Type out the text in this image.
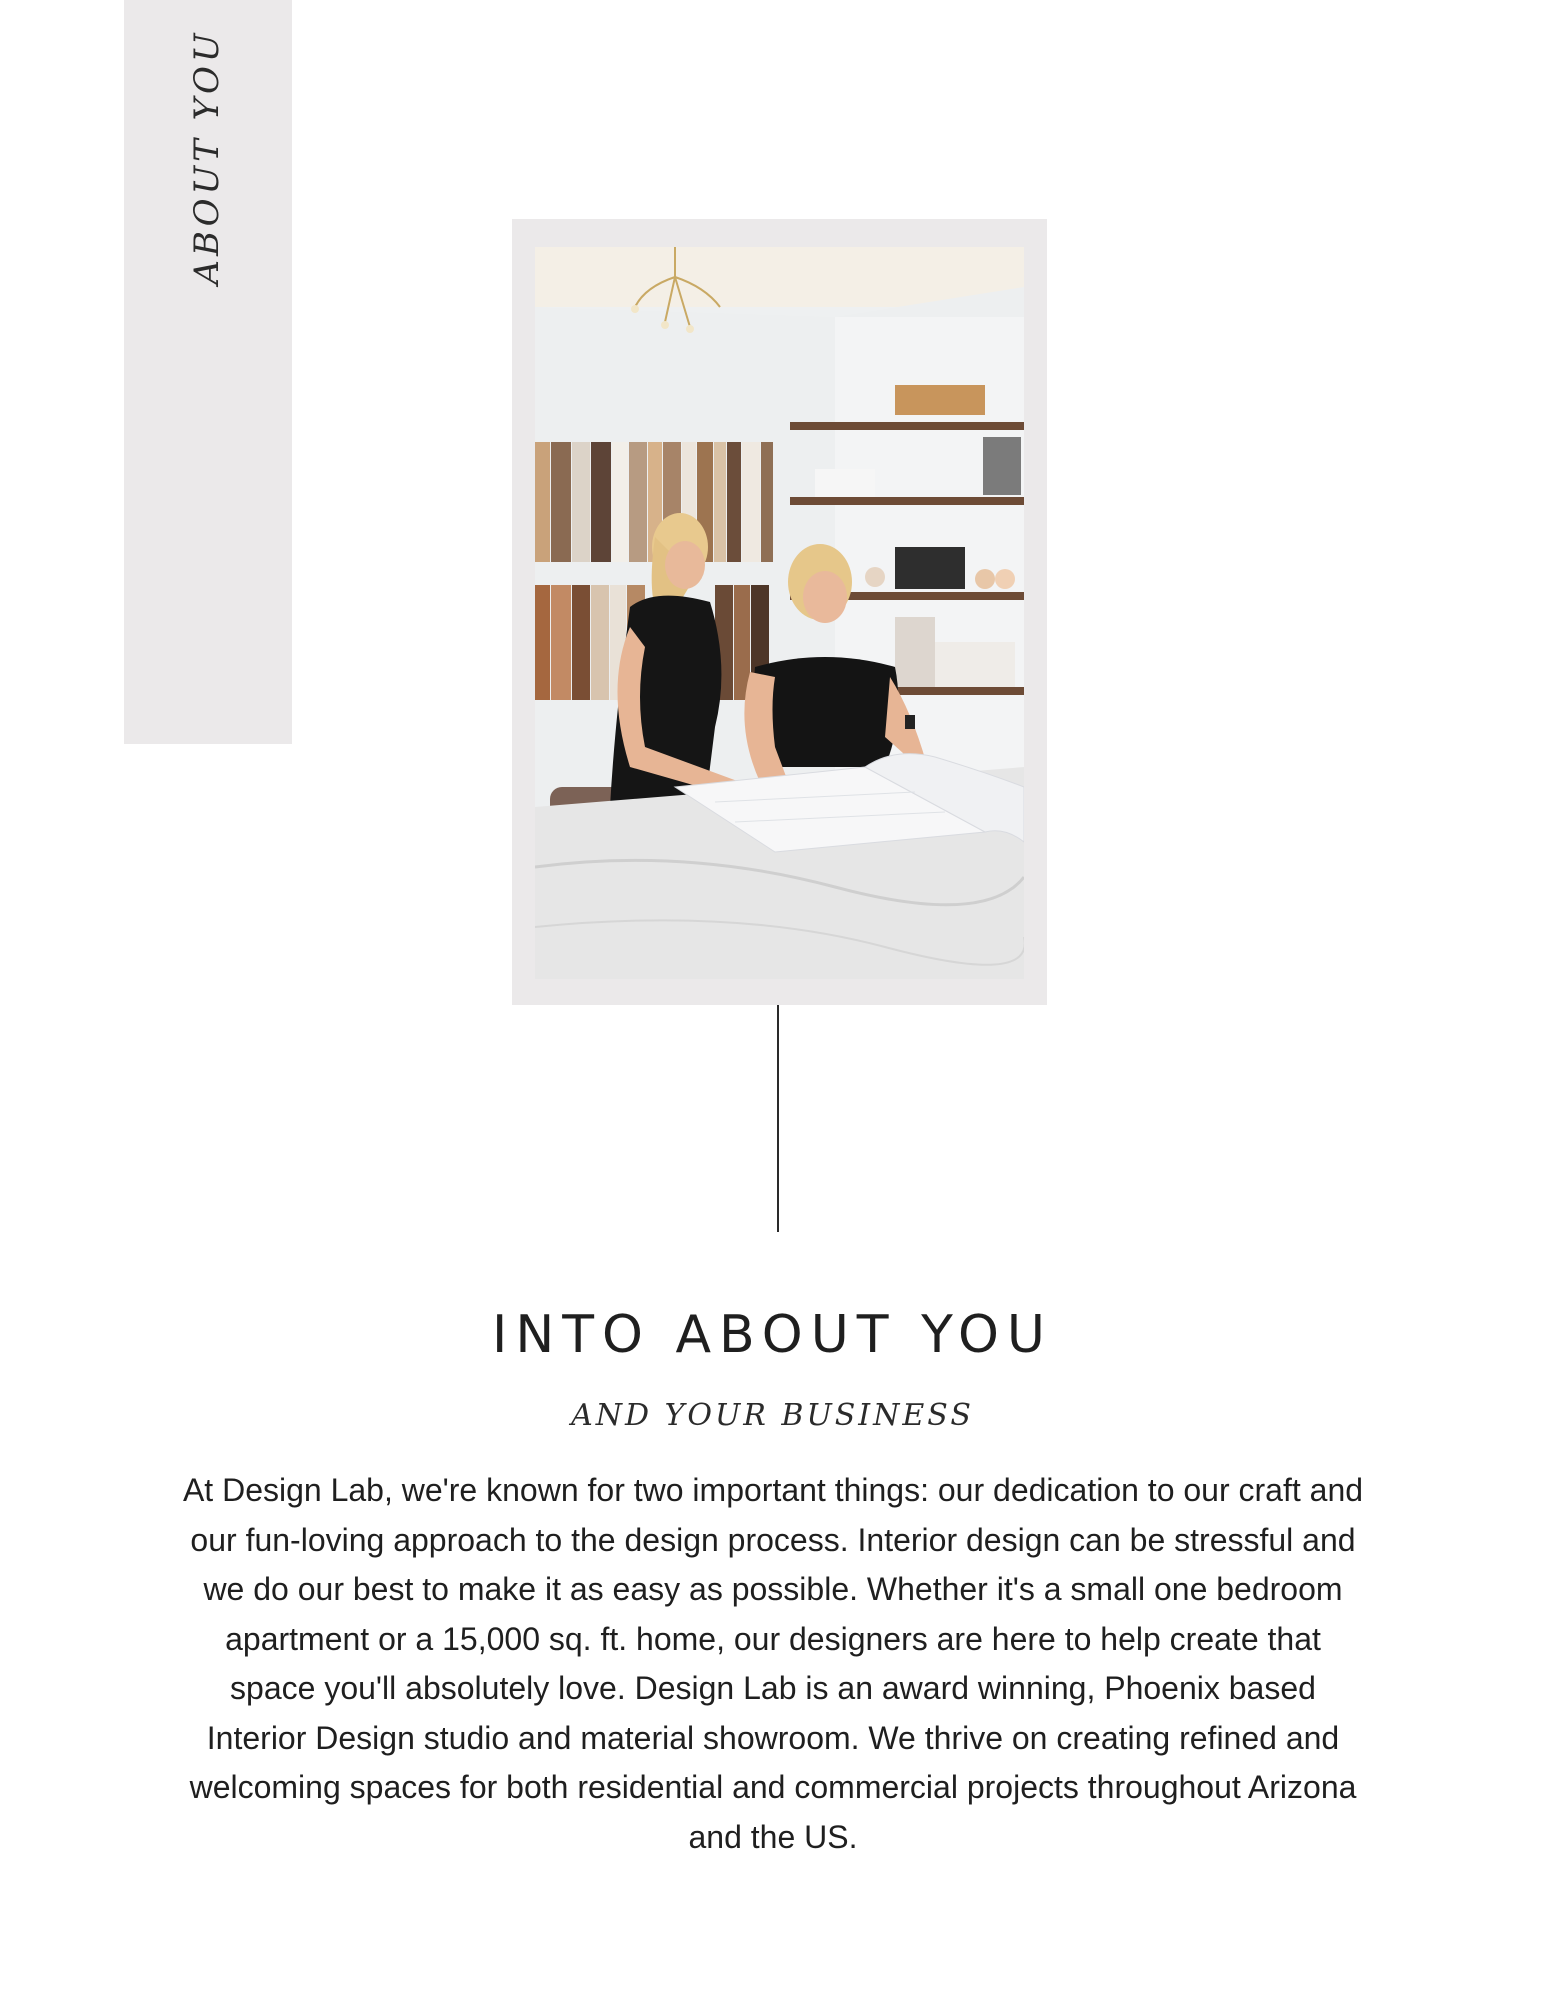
ABOUT YOU
INTO ABOUT YOU
AND YOUR BUSINESS

At Design Lab, we're known for two important things: our dedication to our craft and our fun-loving approach to the design process. Interior design can be stressful and we do our best to make it as easy as possible. Whether it's a small one bedroom apartment or a 15,000 sq. ft. home, our designers are here to help create that space you'll absolutely love. Design Lab is an award winning, Phoenix based Interior Design studio and material showroom. We thrive on creating refined and welcoming spaces for both residential and commercial projects throughout Arizona and the US.
